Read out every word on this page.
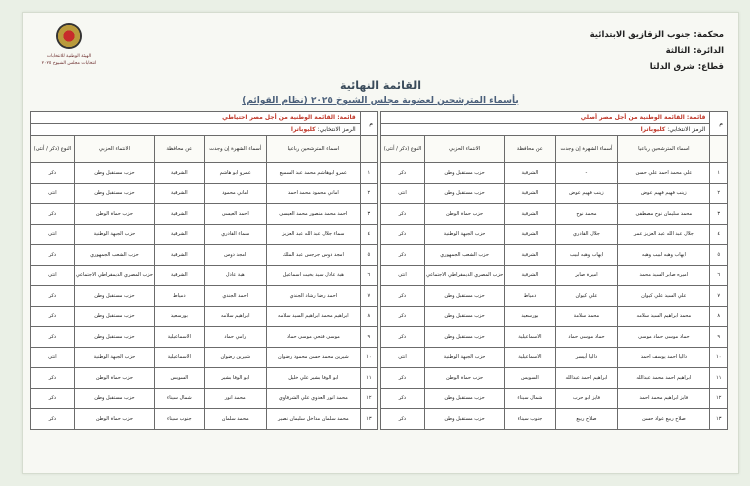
الهيئة الوطنية للانتخابات
انتخابات مجلس الشيوخ ٢٠٢٥
محكمة: جنوب الزقازيق الابتدائية
الدائرة: الثالثة
قطاع: شرق الدلتا
القائمة النهائية
بأسماء المترشحين لعضوية مجلس الشيوخ ٢٠٢٥ (نظام القوائم)
م	قائمة: القائمة الوطنية من أجل مصر أصلي				
	الرمز الانتخابي: كليوباترا				
	اسماء المترشحين رباعيا	أسماء الشهرة إن وجدت	عن محافظة	الانتماء الحزبي	النوع (ذكر / أنثى)
١	علي محمد احمد علي حسن	-	الشرقية	حزب مستقبل وطن	ذكر
٢	زينب فهيم فهيم عوض	زينب فهيم عوض	الشرقية	حزب مستقبل وطن	انثى
٣	محمد سليمان نوح مصطفى	محمد نوح	الشرقية	حزب حماة الوطن	ذكر
٤	جلال عبد الله عبد العزيز عمر	جلال القادري	الشرقية	حزب الجبهة الوطنية	ذكر
٥	ايهاب وهبه لبيب وهبه	ايهاب وهبه لبيب	الشرقية	حزب الشعب الجمهوري	ذكر
٦	اميره صابر السيد محمد	اميرة صابر	الشرقية	حزب المصري الديمقراطي الاجتماعي	انثى
٧	علي السيد علي كيوان	علي كيوان	دمياط	حزب مستقبل وطن	ذكر
٨	محمد ابراهيم السيد سلامه	محمد سلامة	بورسعيد	حزب مستقبل وطن	ذكر
٩	حماد موسى حماد موسى	حماد موسى حماد	الاسماعيلية	حزب مستقبل وطن	ذكر
١٠	داليا احمد يوسف احمد	داليا أبيسر	الاسماعيلية	حزب الجبهة الوطنية	انثى
١١	ابراهيم احمد محمد عبدالله	ابراهيم احمد عبدالله	السويس	حزب حماة الوطن	ذكر
١٢	فايز ابراهيم محمد احمد	فايز ابو حرب	شمال سيناء	حزب مستقبل وطن	ذكر
١٣	صلاح ربيع عواد حسن	صلاح ربيع	جنوب سيناء	حزب مستقبل وطن	ذكر
م	قائمة: القائمة الوطنية من أجل مصر احتياطي				
	الرمز الانتخابي: كليوباترا				
	اسماء المترشحين رباعيا	أسماء الشهرة إن وجدت	عن محافظة	الانتماء الحزبي	النوع (ذكر / أنثى)
١	عمرو ابوهاشم محمد عبد السميع	عمرو ابو هاشم	الشرقية	حزب مستقبل وطن	ذكر
٢	اماني محمود محمد احمد	اماني محمود	الشرقية	حزب مستقبل وطن	انثى
٣	احمد محمد منصور محمد العيسى	احمد العيسى	الشرقية	حزب حماة الوطن	ذكر
٤	سماء جلال عبد الله عبد العزيز	سماء القادري	الشرقية	حزب الجبهة الوطنية	انثى
٥	امجد دوس جرجس عبد الملك	امجد دوس	الشرقية	حزب الشعب الجمهوري	ذكر
٦	هبة عادل سيد بخيت اسماعيل	هبة عادل	الشرقية	حزب المصري الديمقراطي الاجتماعي	انثى
٧	احمد رضا رشاد الجندي	احمد الجندي	دمياط	حزب مستقبل وطن	ذكر
٨	ابراهيم محمد ابراهيم السيد سلامه	ابراهيم سلامه	بورسعيد	حزب مستقبل وطن	ذكر
٩	موسى فتحي موسى حماد	رامي حماد	الاسماعيلية	حزب مستقبل وطن	ذكر
١٠	شيرين محمد حسن محمود رضوان	شيرين رضوان	الاسماعيلية	حزب الجبهة الوطنية	انثى
١١	ابو الوفا بشير علي خليل	ابو الوفا بشير	السويس	حزب حماة الوطن	ذكر
١٢	محمد انور العدوي علي الشرقاوي	محمد انور	شمال سيناء	حزب مستقبل وطن	ذكر
١٣	محمد سلمان مداخل سليمان نصير	محمد سلمان	جنوب سيناء	حزب حماة الوطن	ذكر
